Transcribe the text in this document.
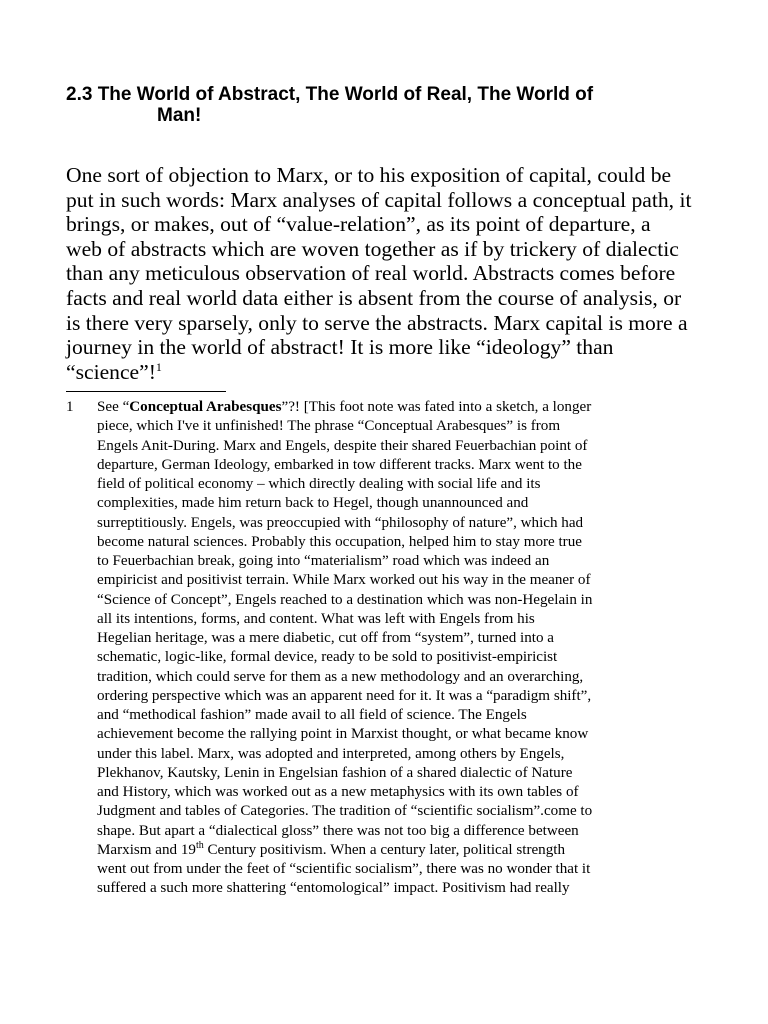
2.3 The World of Abstract, The World of Real, The World of
Man!

One sort of objection to Marx, or to his exposition of capital, could be
put in such words: Marx analyses of capital follows a conceptual path, it
brings, or makes, out of “value-relation”, as its point of departure, a
web of abstracts which are woven together as if by trickery of dialectic
than any meticulous observation of real world. Abstracts comes before
facts and real world data either is absent from the course of analysis, or
is there very sparsely, only to serve the abstracts. Marx capital is more a
journey in the world of abstract! It is more like “ideology” than
“science”!$^1$

1 See “Conceptual Arabesques”?! [This foot note was fated into a sketch, a longer
piece, which I've it unfinished! The phrase “Conceptual Arabesques” is from
Engels Anit-During. Marx and Engels, despite their shared Feuerbachian point of
departure, German Ideology, embarked in tow different tracks. Marx went to the
field of political economy – which directly dealing with social life and its
complexities, made him return back to Hegel, though unannounced and
surreptitiously. Engels, was preoccupied with “philosophy of nature”, which had
become natural sciences. Probably this occupation, helped him to stay more true
to Feuerbachian break, going into “materialism” road which was indeed an
empiricist and positivist terrain. While Marx worked out his way in the meaner of
“Science of Concept”, Engels reached to a destination which was non-Hegelain in
all its intentions, forms, and content. What was left with Engels from his
Hegelian heritage, was a mere diabetic, cut off from “system”, turned into a
schematic, logic-like, formal device, ready to be sold to positivist-empiricist
tradition, which could serve for them as a new methodology and an overarching,
ordering perspective which was an apparent need for it. It was a “paradigm shift”,
and “methodical fashion” made avail to all field of science. The Engels
achievement become the rallying point in Marxist thought, or what became know
under this label. Marx, was adopted and interpreted, among others by Engels,
Plekhanov, Kautsky, Lenin in Engelsian fashion of a shared dialectic of Nature
and History, which was worked out as a new metaphysics with its own tables of
Judgment and tables of Categories. The tradition of “scientific socialism”.come to
shape. But apart a “dialectical gloss” there was not too big a difference between
Marxism and 19th Century positivism. When a century later, political strength
went out from under the feet of “scientific socialism”, there was no wonder that it
suffered a such more shattering “entomological” impact. Positivism had really
